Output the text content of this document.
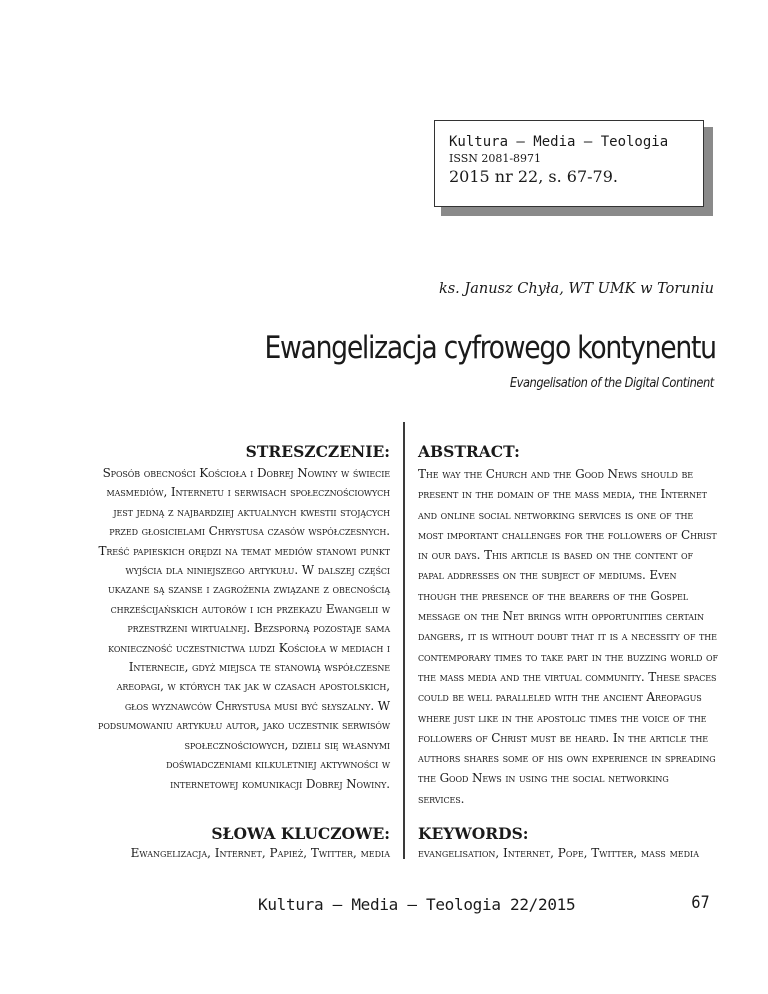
Kultura – Media – Teologia
ISSN 2081-8971
2015 nr 22, s. 67-79.
ks. Janusz Chyła, WT UMK w Toruniu
Ewangelizacja cyfrowego kontynentu
Evangelisation of the Digital Continent
STRESZCZENIE: ABSTRACT:
Sposób obecności Kościoła i Dobrej Nowiny w świecie masmediów, Internetu i serwisach społecznościowych jest jedną z najbardziej aktualnych kwestii stojących przed głosicielami Chrystusa czasów współczesnych. Treść papieskich orędzi na temat mediów stanowi punkt wyjścia dla niniejszego artykułu. W dalszej części ukazane są szanse i zagrożenia związane z obecnością chrześcijańskich autorów i ich przekazu Ewangelii w przestrzeni wirtualnej. Bezsporną pozostaje sama konieczność uczestnictwa ludzi Kościoła w mediach i Internecie, gdyż miejsca te stanowią współczesne areopagi, w których tak jak w czasach apostolskich, głos wyznawców Chrystusa musi być słyszalny. W podsumowaniu artykułu autor, jako uczestnik serwisów społecznościowych, dzieli się własnymi doświadczeniami kilkuletniej aktywności w internetowej komunikacji Dobrej Nowiny.
The way the Church and the Good News should be present in the domain of the mass media, the Internet and online social networking services is one of the most important challenges for the followers of Christ in our days. This article is based on the content of papal addresses on the subject of mediums. Even though the presence of the bearers of the Gospel message on the Net brings with opportunities certain dangers, it is without doubt that it is a necessity of the contemporary times to take part in the buzzing world of the mass media and the virtual community. These spaces could be well paralleled with the ancient Areopagus where just like in the apostolic times the voice of the followers of Christ must be heard. In the article the authors shares some of his own experience in spreading the Good News in using the social networking services.
SŁOWA KLUCZOWE: KEYWORDS:
Ewangelizacja, Internet, Papież, Twitter, media evangelisation, Internet, Pope, Twitter, mass media
Kultura – Media – Teologia 22/2015	67
